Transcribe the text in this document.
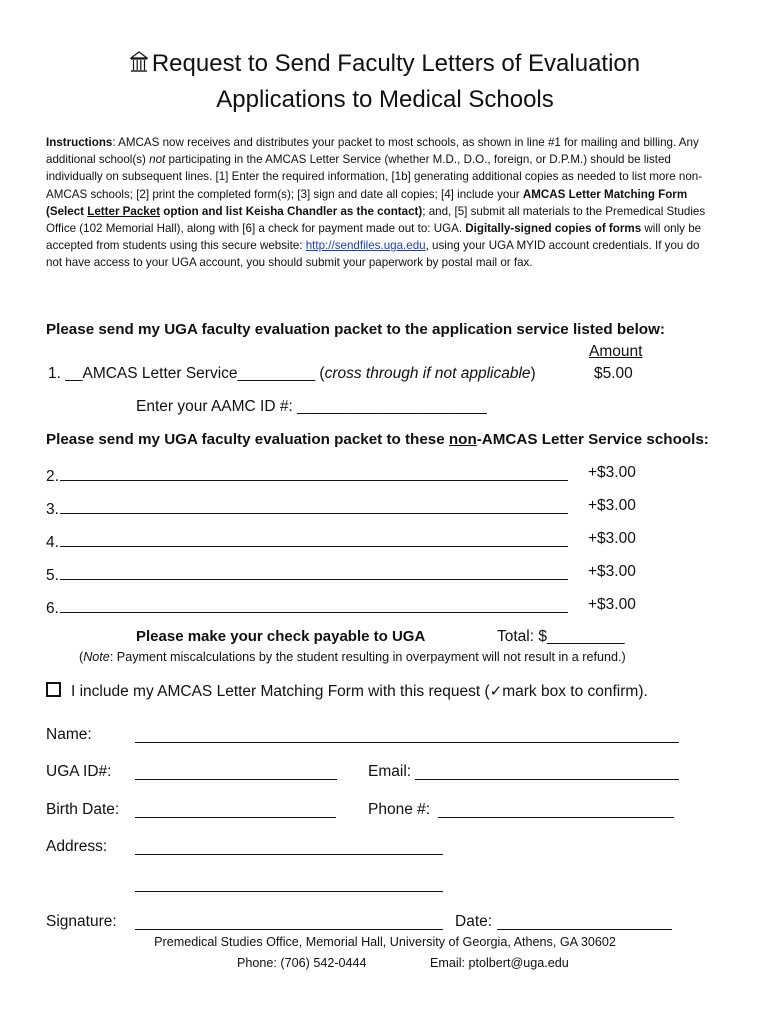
Request to Send Faculty Letters of Evaluation
Applications to Medical Schools
Instructions: AMCAS now receives and distributes your packet to most schools, as shown in line #1 for mailing and billing. Any additional school(s) not participating in the AMCAS Letter Service (whether M.D., D.O., foreign, or D.P.M.) should be listed individually on subsequent lines. [1] Enter the required information, [1b] generating additional copies as needed to list more non-AMCAS schools; [2] print the completed form(s); [3] sign and date all copies; [4] include your AMCAS Letter Matching Form (Select Letter Packet option and list Keisha Chandler as the contact); and, [5] submit all materials to the Premedical Studies Office (102 Memorial Hall), along with [6] a check for payment made out to: UGA. Digitally-signed copies of forms will only be accepted from students using this secure website: http://sendfiles.uga.edu, using your UGA MYID account credentials. If you do not have access to your UGA account, you should submit your paperwork by postal mail or fax.
Please send my UGA faculty evaluation packet to the application service listed below:
Amount
1. __AMCAS Letter Service_________ (cross through if not applicable)	$5.00
Enter your AAMC ID #: ______________________
Please send my UGA faculty evaluation packet to these non-AMCAS Letter Service schools:
2.	+$3.00
3.	+$3.00
4.	+$3.00
5.	+$3.00
6.	+$3.00
Please make your check payable to UGA	Total: $_________
(Note: Payment miscalculations by the student resulting in overpayment will not result in a refund.)
I include my AMCAS Letter Matching Form with this request (✓mark box to confirm).
Name:
UGA ID#:	Email:
Birth Date:	Phone #:
Address:
Signature:	Date:
Premedical Studies Office, Memorial Hall, University of Georgia, Athens, GA 30602
Phone: (706) 542-0444	Email: ptolbert@uga.edu
